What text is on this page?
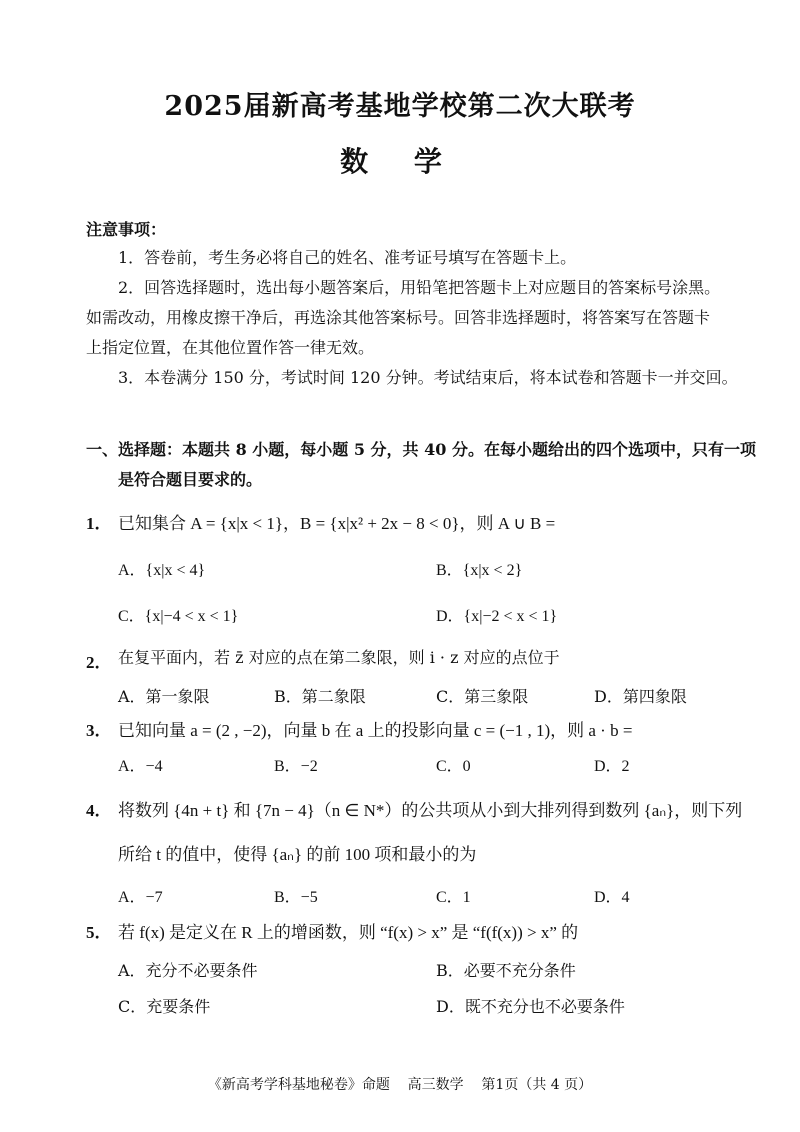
2025届新高考基地学校第二次大联考
数 学
注意事项：
1．答卷前，考生务必将自己的姓名、准考证号填写在答题卡上。
2．回答选择题时，选出每小题答案后，用铅笔把答题卡上对应题目的答案标号涂黑。
如需改动，用橡皮擦干净后，再选涂其他答案标号。回答非选择题时，将答案写在答题卡
上指定位置，在其他位置作答一律无效。
3．本卷满分 150 分，考试时间 120 分钟。考试结束后，将本试卷和答题卡一并交回。
一、选择题：本题共 8 小题，每小题 5 分，共 40 分。在每小题给出的四个选项中，只有一项
是符合题目要求的。
1． 已知集合 A = {x|x < 1}，B = {x|x² + 2x − 8 < 0}，则 A ∪ B =
A．{x|x < 4}	B．{x|x < 2}
C．{x|−4 < x < 1}	D．{x|−2 < x < 1}
2． 在复平面内，若 z̄ 对应的点在第二象限，则 i · z 对应的点位于
A．第一象限	B．第二象限	C．第三象限	D．第四象限
3． 已知向量 a = (2 , −2)，向量 b 在 a 上的投影向量 c = (−1 , 1)，则 a · b =
A．−4	B．−2	C．0	D．2
4． 将数列 {4n + t} 和 {7n − 4}（n ∈ N*）的公共项从小到大排列得到数列 {aₙ}，则下列
所给 t 的值中，使得 {aₙ} 的前 100 项和最小的为
A．−7	B．−5	C．1	D．4
5． 若 f(x) 是定义在 R 上的增函数，则 “f(x) > x” 是 “f(f(x)) > x” 的
A．充分不必要条件	B．必要不充分条件
C．充要条件	D．既不充分也不必要条件
《新高考学科基地秘卷》命题    高三数学    第1页（共 4 页）
